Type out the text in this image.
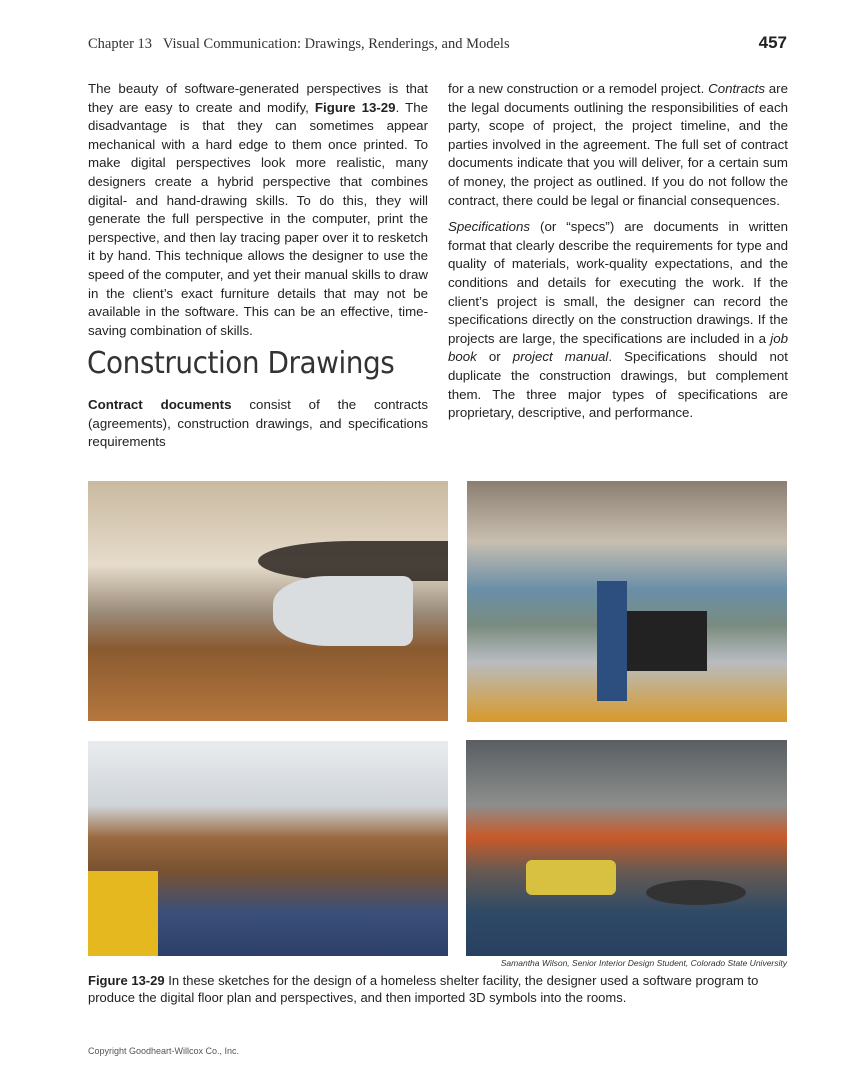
Chapter 13 Visual Communication: Drawings, Renderings, and Models	457

The beauty of software-generated perspectives is that they are easy to create and modify, Figure 13-29. The disadvantage is that they can sometimes appear mechanical with a hard edge to them once printed. To make digital perspectives look more realistic, many designers create a hybrid perspective that combines digital- and hand-drawing skills. To do this, they will generate the full perspective in the computer, print the perspective, and then lay tracing paper over it to resketch it by hand. This technique allows the designer to use the speed of the computer, and yet their manual skills to draw in the client’s exact furniture details that may not be available in the software. This can be an effective, time-saving combination of skills.

Construction Drawings

Contract documents consist of the contracts (agreements), construction drawings, and specifications requirements

for a new construction or a remodel project. Contracts are the legal documents outlining the responsibilities of each party, scope of project, the project timeline, and the parties involved in the agreement. The full set of contract documents indicate that you will deliver, for a certain sum of money, the project as outlined. If you do not follow the contract, there could be legal or financial consequences.

Specifications (or “specs”) are documents in written format that clearly describe the requirements for type and quality of materials, work-quality expectations, and the conditions and details for executing the work. If the client’s project is small, the designer can record the specifications directly on the construction drawings. If the projects are large, the specifications are included in a job book or project manual. Specifications should not duplicate the construction drawings, but complement them. The three major types of specifications are proprietary, descriptive, and performance.

Samantha Wilson, Senior Interior Design Student, Colorado State University
Figure 13-29 In these sketches for the design of a homeless shelter facility, the designer used a software program to produce the digital floor plan and perspectives, and then imported 3D symbols into the rooms.
Copyright Goodheart-Willcox Co., Inc.
